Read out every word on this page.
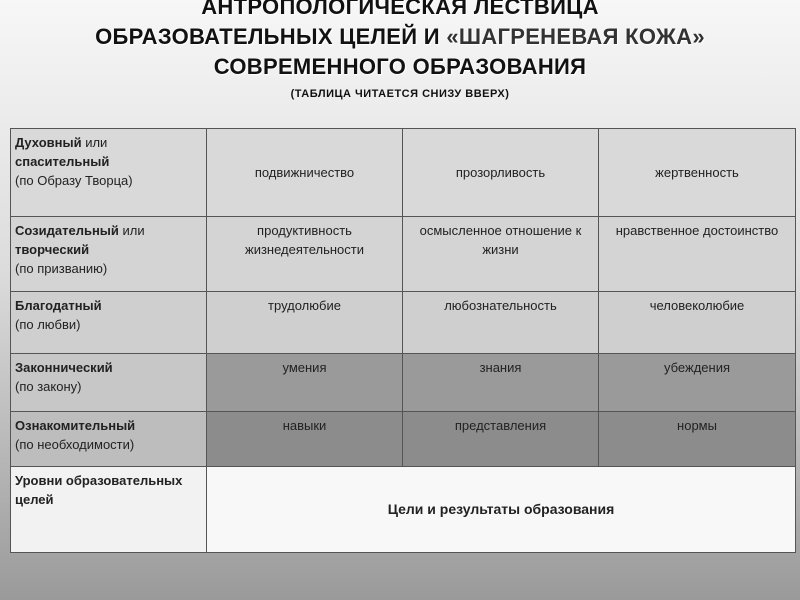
АНТРОПОЛОГИЧЕСКАЯ ЛЕСТВИЦА
ОБРАЗОВАТЕЛЬНЫХ ЦЕЛЕЙ И «ШАГРЕНЕВАЯ КОЖА»
СОВРЕМЕННОГО ОБРАЗОВАНИЯ
(ТАБЛИЦА ЧИТАЕТСЯ СНИЗУ ВВЕРХ)
Духовный или
спасительный
(по Образу Творца)	подвижничество	прозорливость	жертвенность
Созидательный или
творческий
(по призванию)	продуктивность жизнедеятельности	осмысленное отношение к жизни	нравственное достоинство
Благодатный
(по любви)	трудолюбие	любознательность	человеколюбие
Законнический
(по закону)	умения	знания	убеждения
Ознакомительный
(по необходимости)	навыки	представления	нормы
Уровни образовательных целей	Цели и результаты образования		
